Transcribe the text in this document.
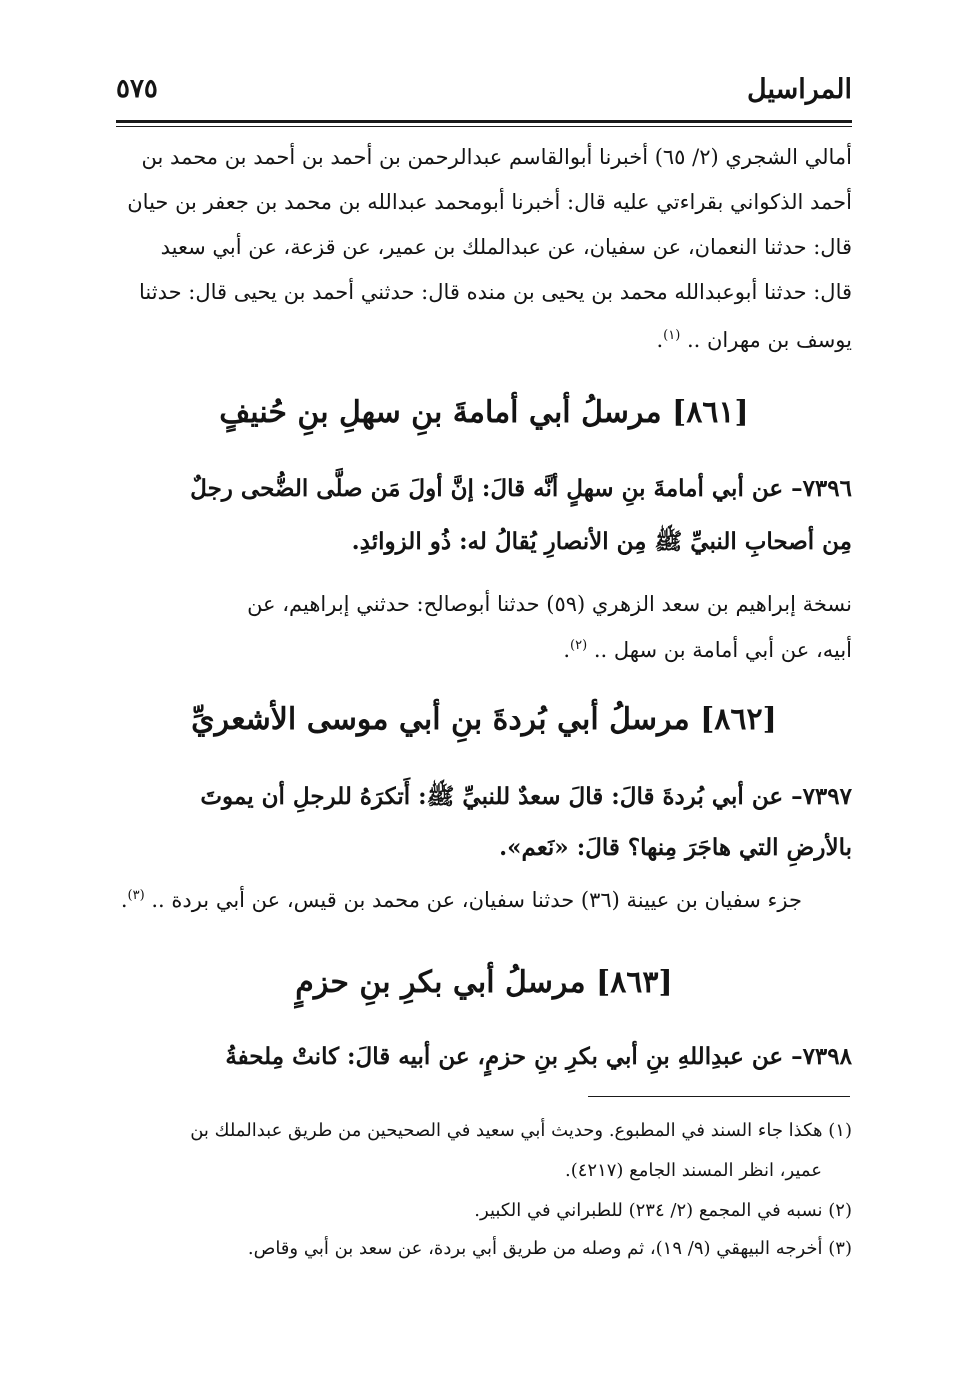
المراسيل
٥٧٥
أمالي الشجري (٢/ ٦٥) أخبرنا أبوالقاسم عبدالرحمن بن أحمد بن أحمد بن محمد بن
أحمد الذكواني بقراءتي عليه قال: أخبرنا أبومحمد عبدالله بن محمد بن جعفر بن حيان
قال: حدثنا النعمان، عن سفيان، عن عبدالملك بن عمير، عن قزعة، عن أبي سعيد
قال: حدثنا أبوعبدالله محمد بن يحيى بن منده قال: حدثني أحمد بن يحيى قال: حدثنا
يوسف بن مهران .. $^{(١)}$.
[٨٦١] مرسلُ أبي أمامةَ بنِ سهلِ بنِ حُنيفٍ
٧٣٩٦– عن أبي أمامةَ بنِ سهلٍ أنَّه قالَ: إنَّ أولَ مَن صلَّى الضُّحى رجلٌ
مِن أصحابِ النبيِّ ﷺ مِن الأنصارِ يُقالُ له: ذُو الزوائدِ.
نسخة إبراهيم بن سعد الزهري (٥٩) حدثنا أبوصالح: حدثني إبراهيم، عن
أبيه، عن أبي أمامة بن سهل .. $^{(٢)}$.
[٨٦٢] مرسلُ أبي بُردةَ بنِ أبي موسى الأشعريِّ
٧٣٩٧– عن أبي بُردةَ قالَ: قالَ سعدٌ للنبيِّ ﷺ: أَتكرَهُ للرجلِ أن يموتَ
بالأرضِ التي هاجَرَ مِنها؟ قالَ: «نَعم».
جزء سفيان بن عيينة (٣٦) حدثنا سفيان، عن محمد بن قيس، عن أبي بردة .. $^{(٣)}$.
[٨٦٣] مرسلُ أبي بكرِ بنِ حزمٍ
٧٣٩٨– عن عبدِاللهِ بنِ أبي بكرِ بنِ حزمٍ، عن أبيه قالَ: كانتْ مِلحفةُ
(١) هكذا جاء السند في المطبوع. وحديث أبي سعيد في الصحيحين من طريق عبدالملك بن
عمير، انظر المسند الجامع (٤٢١٧).
(٢) نسبه في المجمع (٢/ ٢٣٤) للطبراني في الكبير.
(٣) أخرجه البيهقي (٩/ ١٩)، ثم وصله من طريق أبي بردة، عن سعد بن أبي وقاص.
